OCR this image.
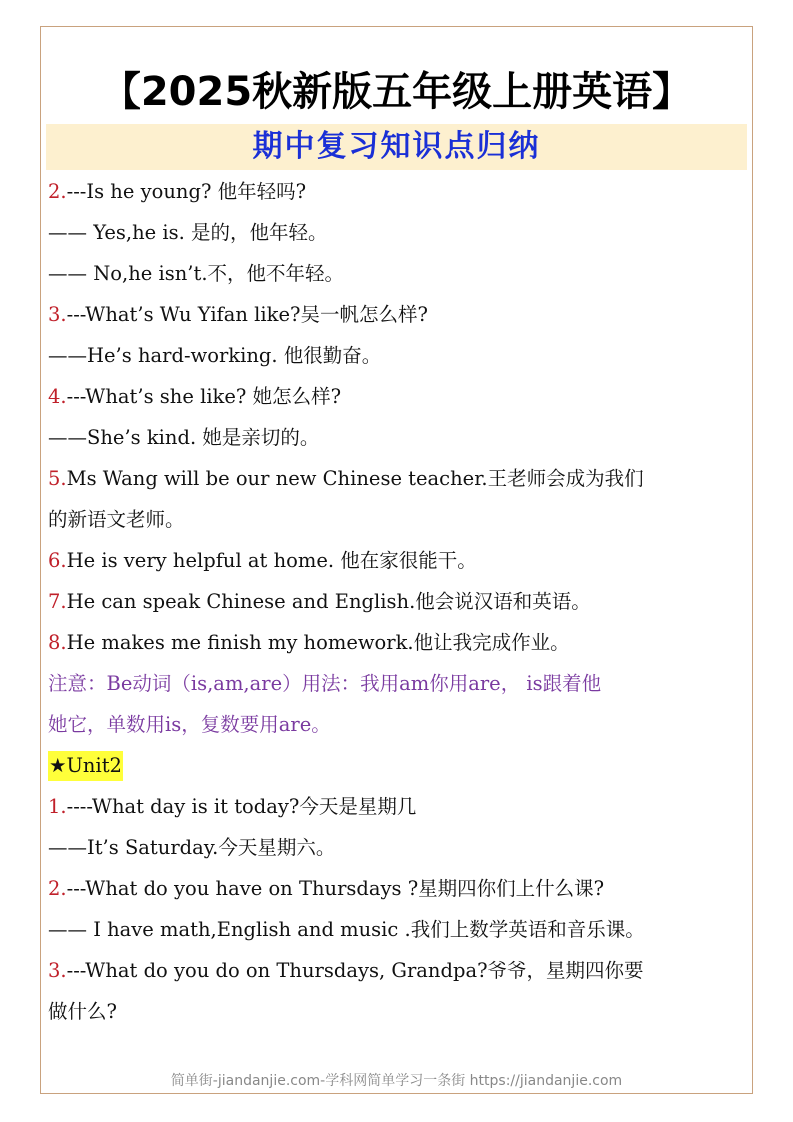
【2025秋新版五年级上册英语】
期中复习知识点归纳
2.---Is he young? 他年轻吗?
—— Yes,he is. 是的，他年轻。
—— No,he isn’t.不，他不年轻。
3.---What’s Wu Yifan like?吴一帆怎么样?
——He’s hard-working. 他很勤奋。
4.---What’s she like? 她怎么样?
——She’s kind. 她是亲切的。
5.Ms Wang will be our new Chinese teacher.王老师会成为我们
的新语文老师。
6.He is very helpful at home. 他在家很能干。
7.He can speak Chinese and English.他会说汉语和英语。
8.He makes me finish my homework.他让我完成作业。
注意：Be动词（is,am,are）用法：我用am你用are， is跟着他
她它，单数用is，复数要用are。
★Unit2
1.----What day is it today?今天是星期几
——It’s Saturday.今天星期六。
2.---What do you have on Thursdays ?星期四你们上什么课?
—— I have math,English and music .我们上数学英语和音乐课。
3.---What do you do on Thursdays, Grandpa?爷爷，星期四你要
做什么?
简单街-jiandanjie.com-学科网简单学习一条街 https://jiandanjie.com
